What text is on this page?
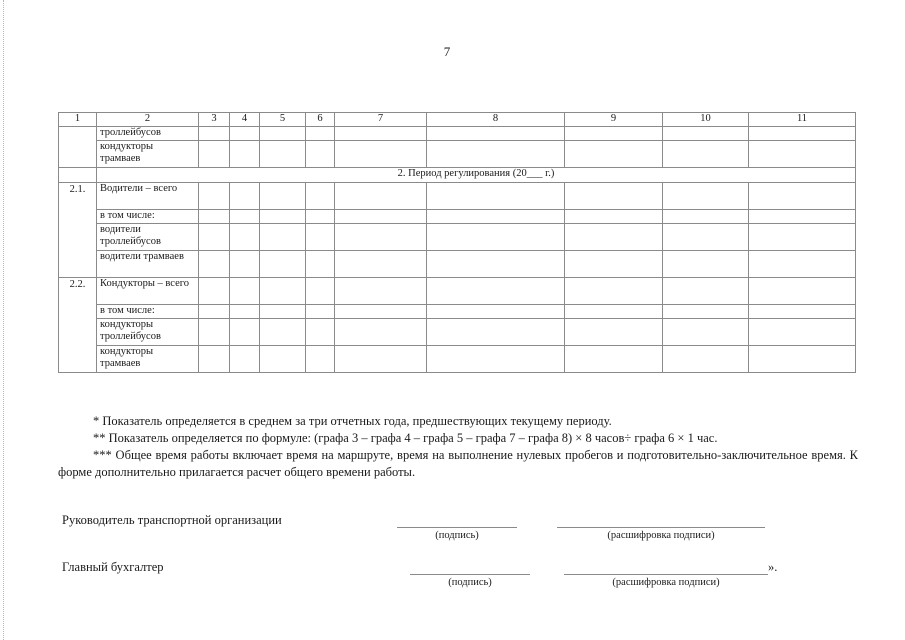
7
1	2	3	4	5	6	7	8	9	10	11
	троллейбусов									
	кондукторы трамваев									
	2. Период регулирования (20___ г.)									
2.1.	Водители – всего									
	в том числе:									
	водители троллейбусов									
	водители трамваев									
2.2.	Кондукторы – всего									
	в том числе:									
	кондукторы троллейбусов									
	кондукторы трамваев									

* Показатель определяется в среднем за три отчетных года, предшествующих текущему периоду.

** Показатель определяется по формуле: (графа 3 – графа 4 – графа 5 – графа 7 – графа 8) × 8 часов÷ графа 6 × 1 час.

*** Общее время работы включает время на маршруте, время на выполнение нулевых пробегов и подготовительно-заключительное время. К форме дополнительно прилагается расчет общего времени работы.

Руководитель транспортной организации
(подпись)	(расшифровка подписи)
Главный бухгалтер
(подпись)	(расшифровка подписи)
».
